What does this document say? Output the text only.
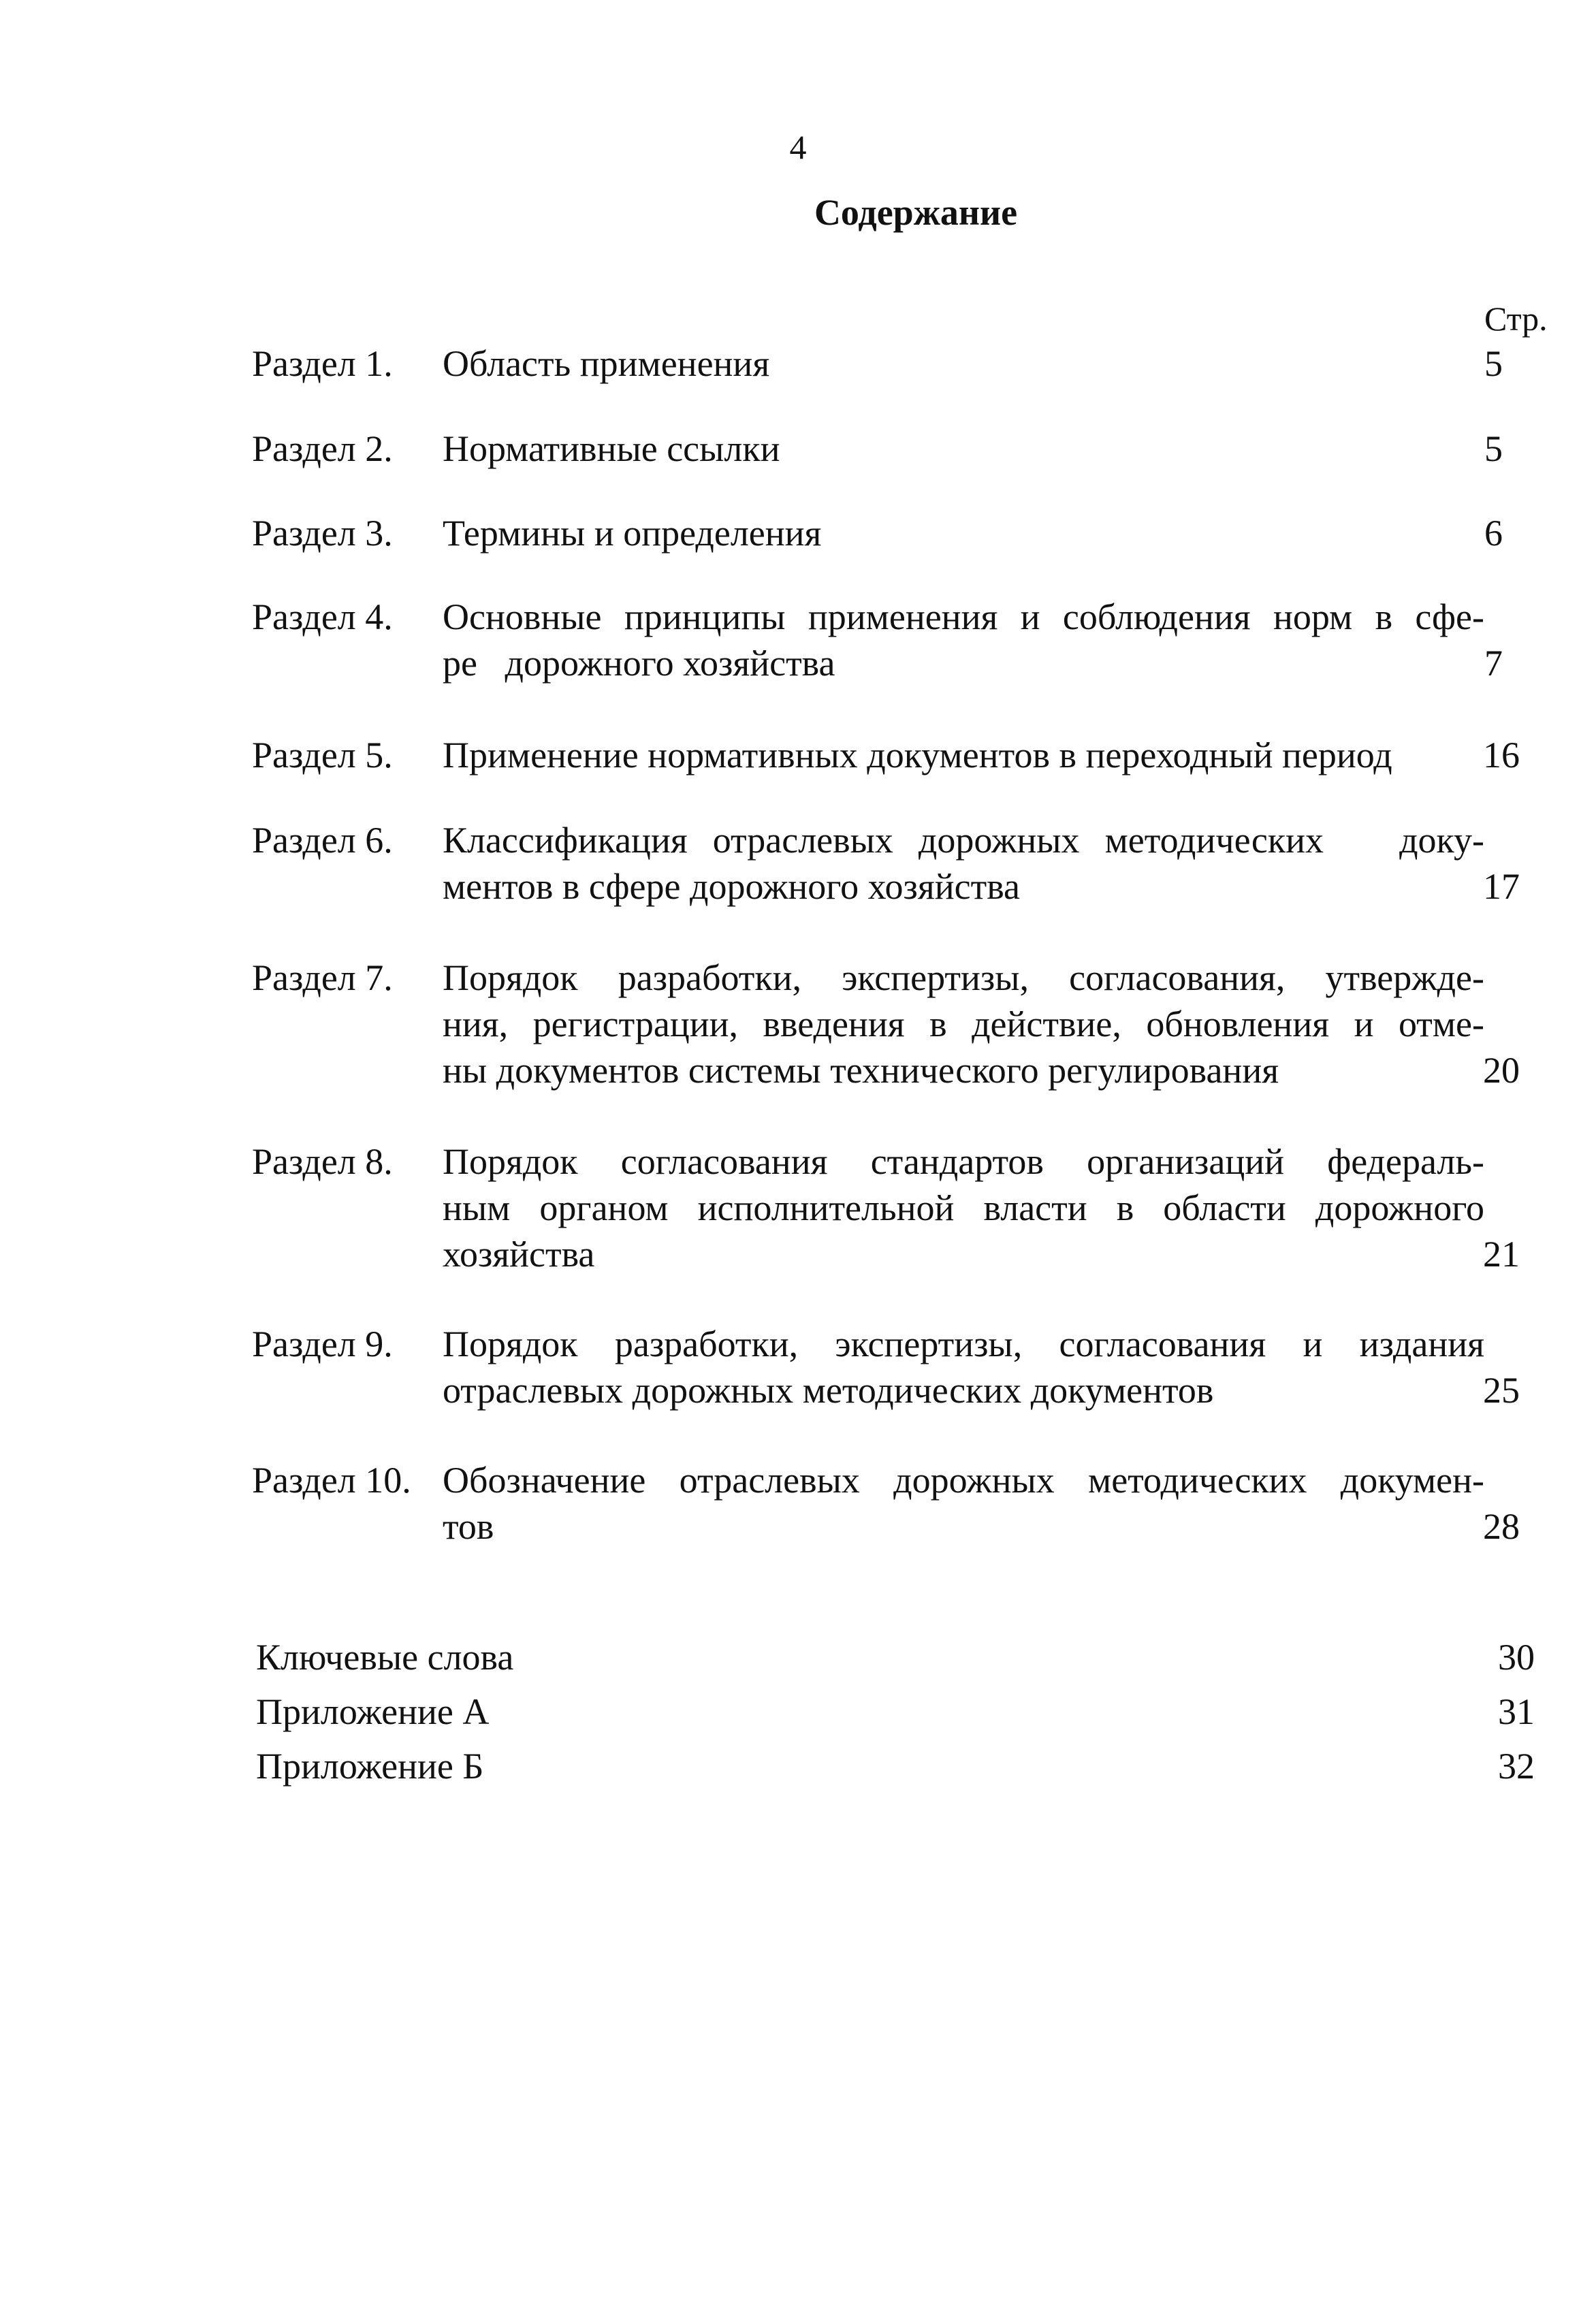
4
Содержание
Стр.
Раздел 1. Область применения	5
Раздел 2. Нормативные ссылки	5
Раздел 3. Термины и определения	6
Раздел 4. Основные принципы применения и соблюдения норм в сфе-
ре   дорожного хозяйства	7
Раздел 5. Применение нормативных документов в переходный период	16
Раздел 6. Классификация отраслевых дорожных методических   доку-
ментов в сфере дорожного хозяйства	17
Раздел 7. Порядок разработки, экспертизы, согласования, утвержде-
ния, регистрации, введения в действие, обновления и отме-
ны документов системы технического регулирования	20
Раздел 8. Порядок согласования стандартов организаций федераль-
ным органом исполнительной власти в области дорожного
хозяйства	21
Раздел 9. Порядок разработки, экспертизы, согласования и издания
отраслевых дорожных методических документов	25
Раздел 10. Обозначение отраслевых дорожных методических докумен-
тов	28
Ключевые слова	30
Приложение А	31
Приложение Б	32
